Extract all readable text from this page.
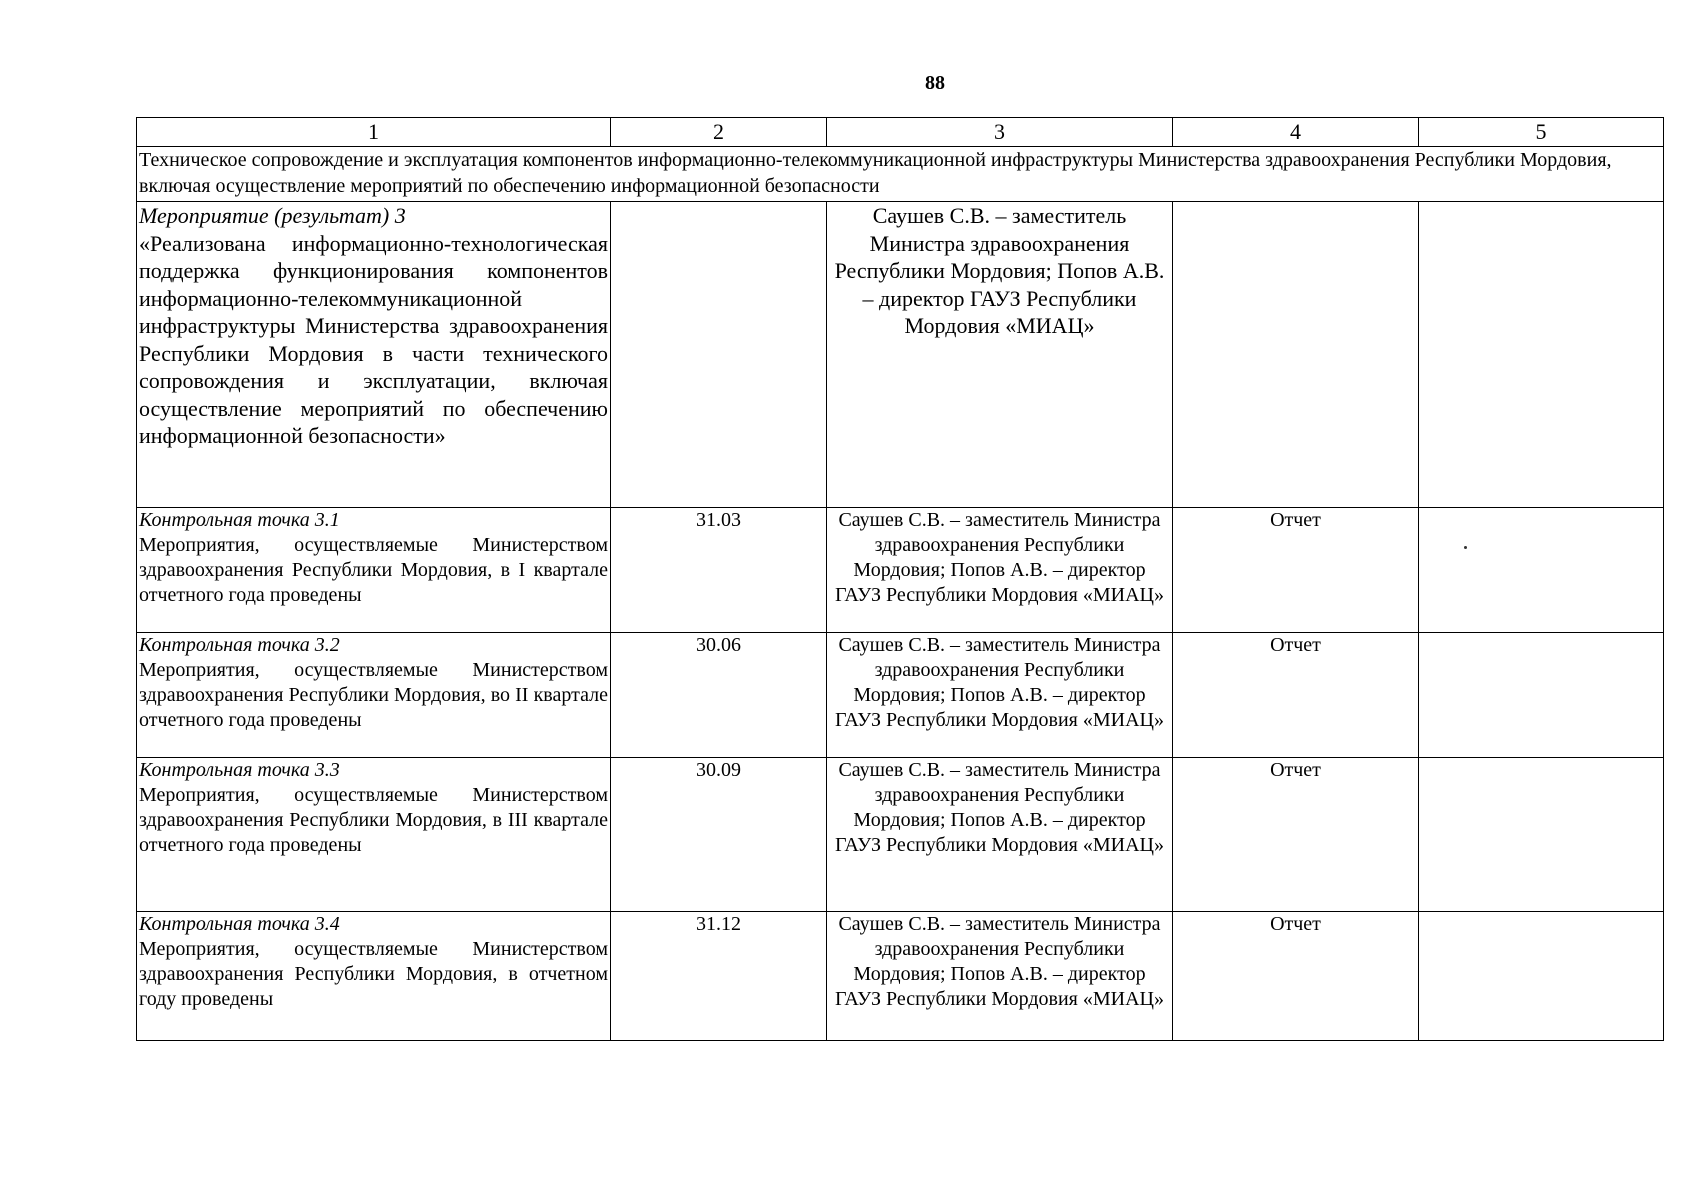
88
1	2	3	4	5
Техническое сопровождение и эксплуатация компонентов информационно-телекоммуникационной инфраструктуры Министерства здравоохранения Республики Мордовия, включая осуществление мероприятий по обеспечению информационной безопасности				

Мероприятие (результат) 3
«Реализована информационно-технологическая поддержка функционирования компонентов информационно-телекоммуникационной инфраструктуры Министерства здравоохранения Республики Мордовия в части технического сопровождения и эксплуатации, включая осуществление мероприятий по обеспечению информационной безопасности»		Саушев С.В. – заместитель Министра здравоохранения Республики Мордовия; Попов А.В. – директор ГАУЗ Республики Мордовия «МИАЦ»		

Контрольная точка 3.1
Мероприятия, осуществляемые Министерством здравоохранения Республики Мордовия, в I квартале отчетного года проведены	31.03	Саушев С.В. – заместитель Министра здравоохранения Республики Мордовия; Попов А.В. – директор ГАУЗ Республики Мордовия «МИАЦ»	Отчет	

Контрольная точка 3.2
Мероприятия, осуществляемые Министерством здравоохранения Республики Мордовия, во II квартале отчетного года проведены	30.06	Саушев С.В. – заместитель Министра здравоохранения Республики Мордовия; Попов А.В. – директор ГАУЗ Республики Мордовия «МИАЦ»	Отчет	

Контрольная точка 3.3
Мероприятия, осуществляемые Министерством здравоохранения Республики Мордовия, в III квартале отчетного года проведены	30.09	Саушев С.В. – заместитель Министра здравоохранения Республики Мордовия; Попов А.В. – директор ГАУЗ Республики Мордовия «МИАЦ»	Отчет	

Контрольная точка 3.4
Мероприятия, осуществляемые Министерством здравоохранения Республики Мордовия, в отчетном году проведены	31.12	Саушев С.В. – заместитель Министра здравоохранения Республики Мордовия; Попов А.В. – директор ГАУЗ Республики Мордовия «МИАЦ»	Отчет	
